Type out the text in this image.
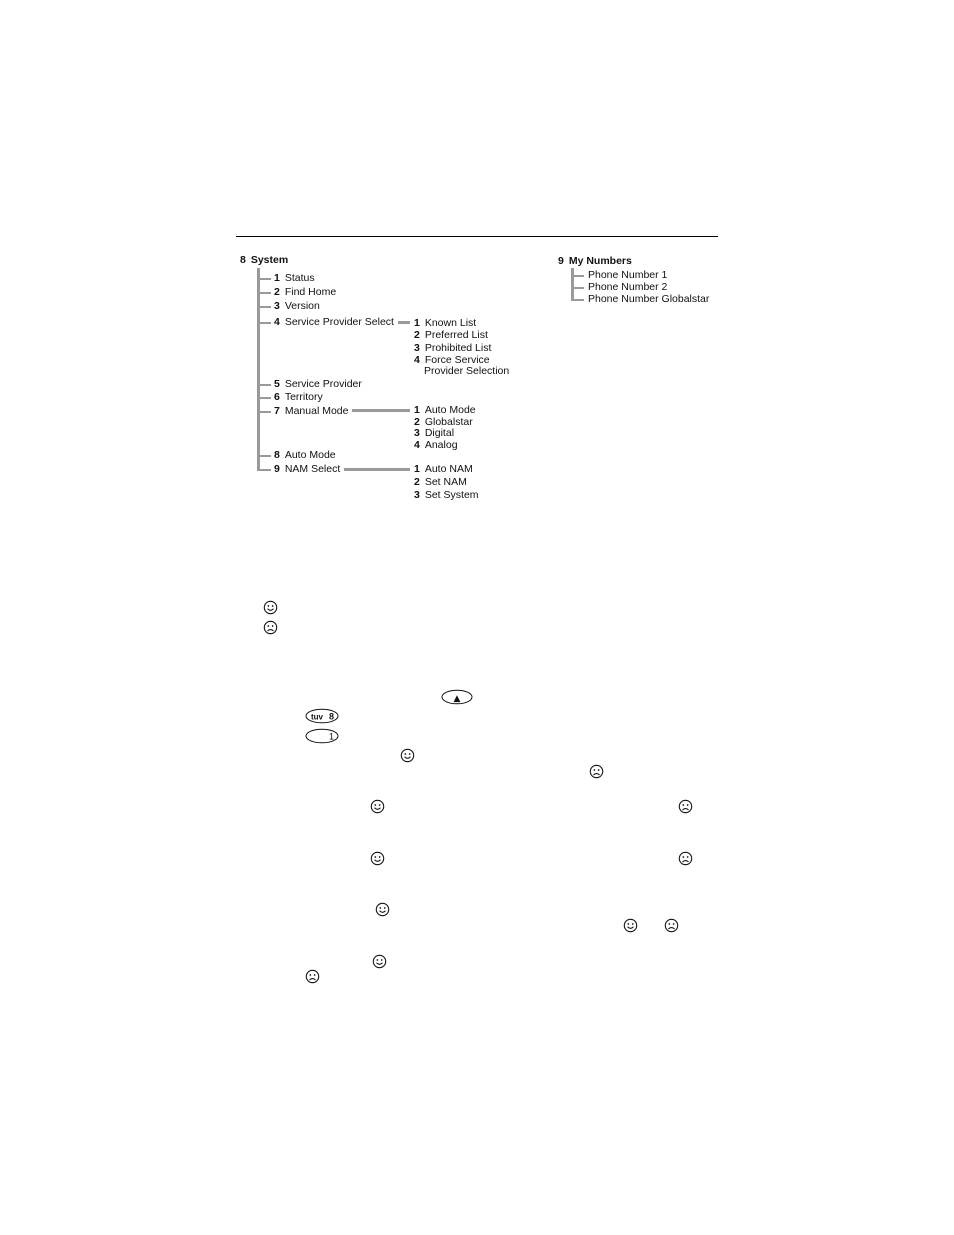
8 System
1 Status
2 Find Home
3 Version
4 Service Provider Select
5 Service Provider
6 Territory
7 Manual Mode
8 Auto Mode
9 NAM Select
1 Known List
2 Preferred List
3 Prohibited List
4 Force Service
Provider Selection
1 Auto Mode
2 Globalstar
3 Digital
4 Analog
1 Auto NAM
2 Set NAM
3 Set System
9 My Numbers
Phone Number 1
Phone Number 2
Phone Number Globalstar
▲
tuv 8
1
